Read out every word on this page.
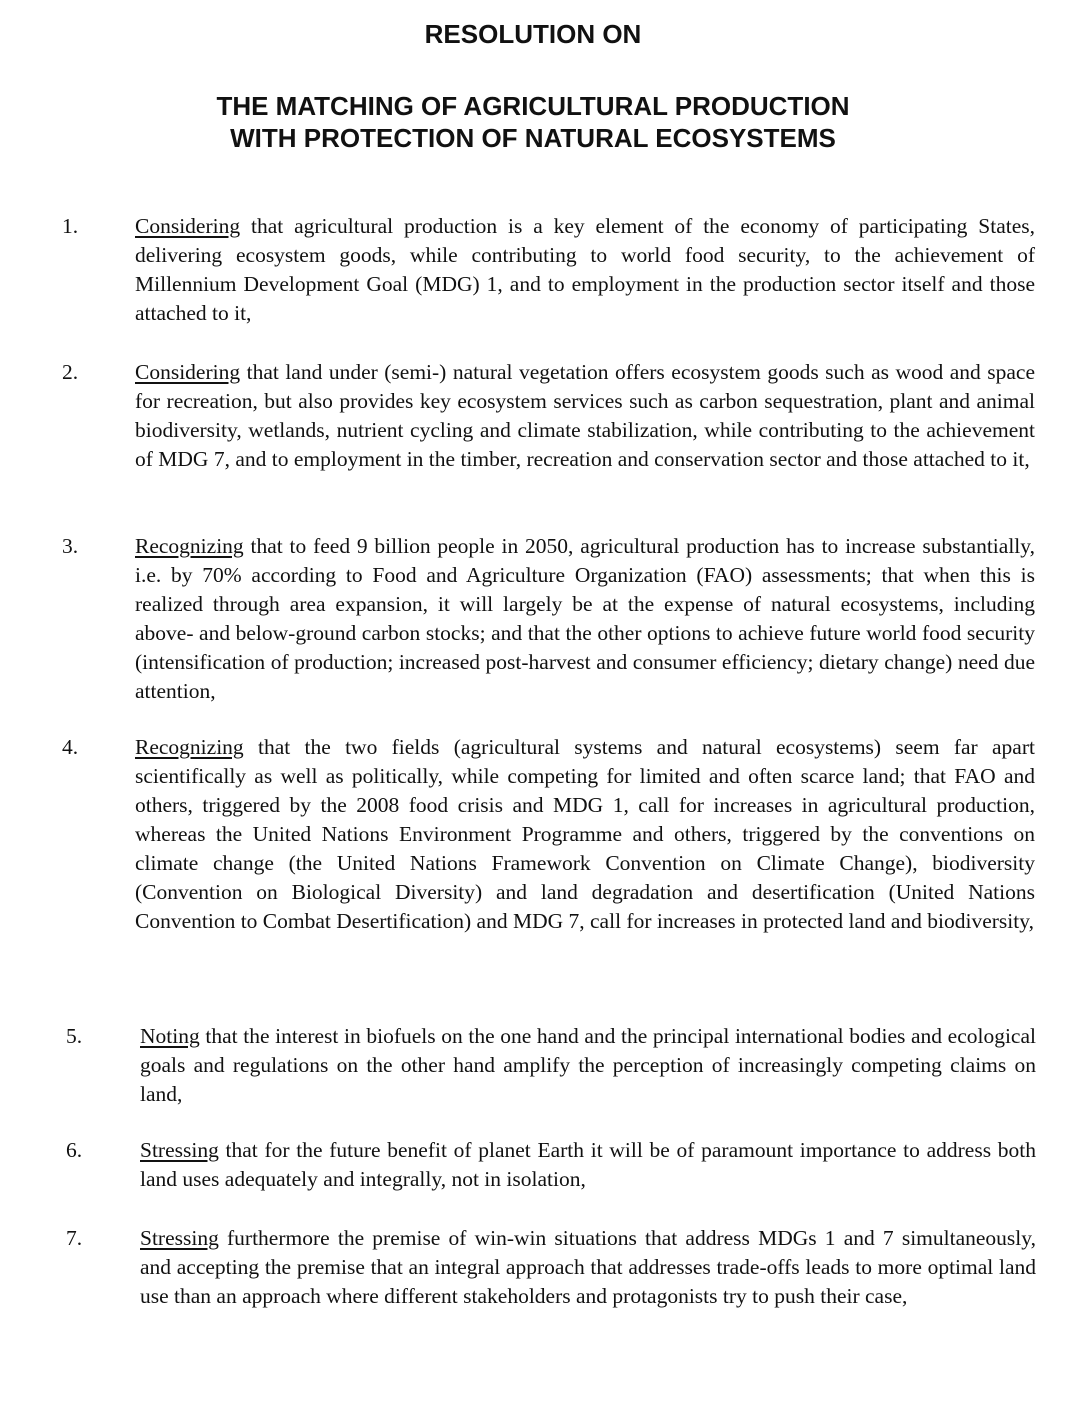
RESOLUTION ON
THE MATCHING OF AGRICULTURAL PRODUCTION
WITH PROTECTION OF NATURAL ECOSYSTEMS
1.	Considering that agricultural production is a key element of the economy of participating States, delivering ecosystem goods, while contributing to world food security, to the achievement of Millennium Development Goal (MDG) 1, and to employment in the production sector itself and those attached to it,
2.	Considering that land under (semi-) natural vegetation offers ecosystem goods such as wood and space for recreation, but also provides key ecosystem services such as carbon sequestration, plant and animal biodiversity, wetlands, nutrient cycling and climate stabilization, while contributing to the achievement of MDG 7, and to employment in the timber, recreation and conservation sector and those attached to it,
3.	Recognizing that to feed 9 billion people in 2050, agricultural production has to increase substantially, i.e. by 70% according to Food and Agriculture Organization (FAO) assessments; that when this is realized through area expansion, it will largely be at the expense of natural ecosystems, including above- and below-ground carbon stocks; and that the other options to achieve future world food security (intensification of production; increased post-harvest and consumer efficiency; dietary change) need due attention,
4.	Recognizing that the two fields (agricultural systems and natural ecosystems) seem far apart scientifically as well as politically, while competing for limited and often scarce land; that FAO and others, triggered by the 2008 food crisis and MDG 1, call for increases in agricultural production, whereas the United Nations Environment Programme and others, triggered by the conventions on climate change (the United Nations Framework Convention on Climate Change), biodiversity (Convention on Biological Diversity) and land degradation and desertification (United Nations Convention to Combat Desertification) and MDG 7, call for increases in protected land and biodiversity,
5.	Noting that the interest in biofuels on the one hand and the principal international bodies and ecological goals and regulations on the other hand amplify the perception of increasingly competing claims on land,
6.	Stressing that for the future benefit of planet Earth it will be of paramount importance to address both land uses adequately and integrally, not in isolation,
7.	Stressing furthermore the premise of win-win situations that address MDGs 1 and 7 simultaneously, and accepting the premise that an integral approach that addresses trade-offs leads to more optimal land use than an approach where different stakeholders and protagonists try to push their case,
